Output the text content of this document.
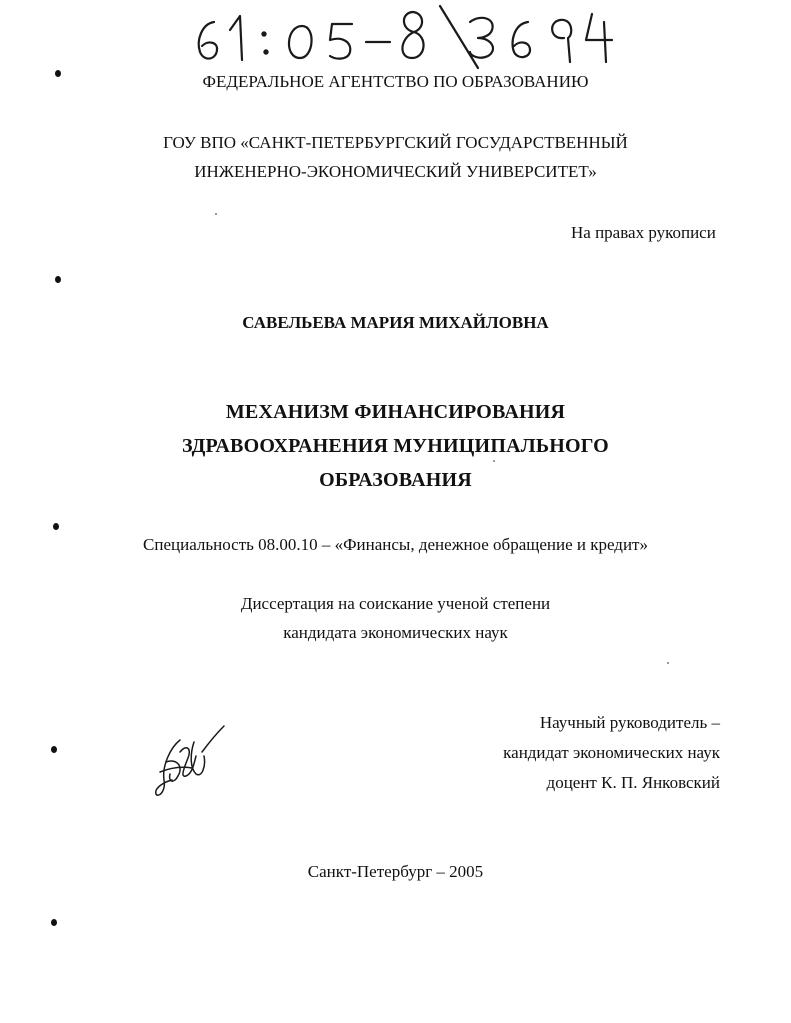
ФЕДЕРАЛЬНОЕ АГЕНТСТВО ПО ОБРАЗОВАНИЮ
ГОУ ВПО «САНКТ-ПЕТЕРБУРГСКИЙ ГОСУДАРСТВЕННЫЙ
ИНЖЕНЕРНО-ЭКОНОМИЧЕСКИЙ УНИВЕРСИТЕТ»
На правах рукописи
САВЕЛЬЕВА МАРИЯ МИХАЙЛОВНА
МЕХАНИЗМ ФИНАНСИРОВАНИЯ
ЗДРАВООХРАНЕНИЯ МУНИЦИПАЛЬНОГО
ОБРАЗОВАНИЯ
Специальность 08.00.10 – «Финансы, денежное обращение и кредит»
Диссертация на соискание ученой степени
кандидата экономических наук
Научный руководитель –
кандидат экономических наук
доцент К. П. Янковский
Санкт-Петербург – 2005
